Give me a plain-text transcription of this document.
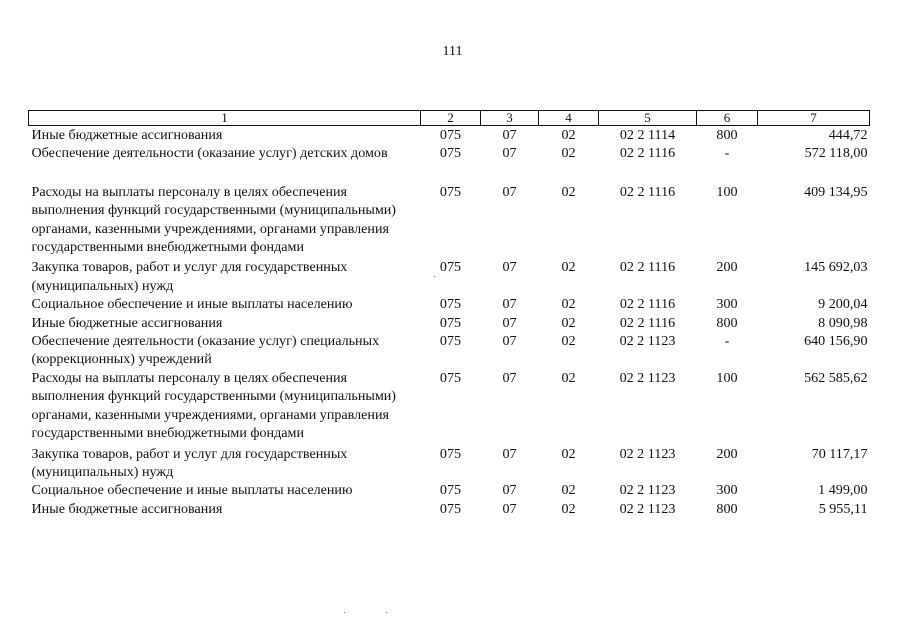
111
1	2	3	4	5	6	7
Иные бюджетные ассигнования	075	07	02	02 2 1114	800	444,72
Обеспечение деятельности (оказание услуг) детских домов	075	07	02	02 2 1116	-	572 118,00
Расходы на выплаты персоналу в целях обеспечения выполнения функций государственными (муниципальными) органами, казенными учреждениями, органами управления государственными внебюджетными фондами	075	07	02	02 2 1116	100	409 134,95
Закупка товаров, работ и услуг для государственных (муниципальных) нужд	075	07	02	02 2 1116	200	145 692,03
Социальное обеспечение и иные выплаты населению	075	07	02	02 2 1116	300	9 200,04
Иные бюджетные ассигнования	075	07	02	02 2 1116	800	8 090,98
Обеспечение деятельности (оказание услуг) специальных (коррекционных) учреждений	075	07	02	02 2 1123	-	640 156,90
Расходы на выплаты персоналу в целях обеспечения выполнения функций государственными (муниципальными) органами, казенными учреждениями, органами управления государственными внебюджетными фондами	075	07	02	02 2 1123	100	562 585,62
Закупка товаров, работ и услуг для государственных (муниципальных) нужд	075	07	02	02 2 1123	200	70 117,17
Социальное обеспечение и иные выплаты населению	075	07	02	02 2 1123	300	1 499,00
Иные бюджетные ассигнования	075	07	02	02 2 1123	800	5 955,11
